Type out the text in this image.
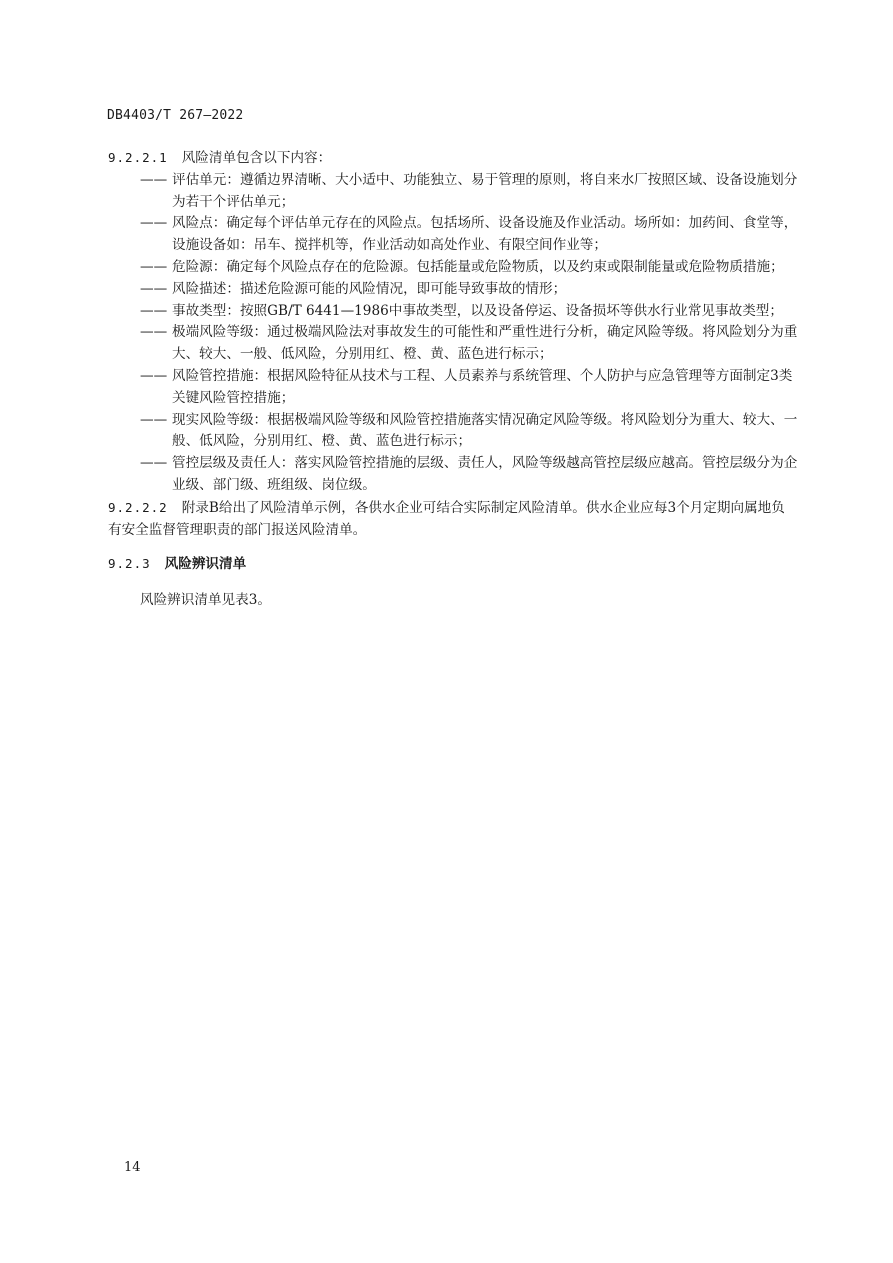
DB4403/T 267—2022

9.2.2.1 风险清单包含以下内容：

—— 评估单元：遵循边界清晰、大小适中、功能独立、易于管理的原则，将自来水厂按照区域、设备设施划分为若干个评估单元；
—— 风险点：确定每个评估单元存在的风险点。包括场所、设备设施及作业活动。场所如：加药间、食堂等，设施设备如：吊车、搅拌机等，作业活动如高处作业、有限空间作业等；
—— 危险源：确定每个风险点存在的危险源。包括能量或危险物质，以及约束或限制能量或危险物质措施；
—— 风险描述：描述危险源可能的风险情况，即可能导致事故的情形；
—— 事故类型：按照GB/T 6441—1986中事故类型，以及设备停运、设备损坏等供水行业常见事故类型；
—— 极端风险等级：通过极端风险法对事故发生的可能性和严重性进行分析，确定风险等级。将风险划分为重大、较大、一般、低风险，分别用红、橙、黄、蓝色进行标示；
—— 风险管控措施：根据风险特征从技术与工程、人员素养与系统管理、个人防护与应急管理等方面制定3类关键风险管控措施；
—— 现实风险等级：根据极端风险等级和风险管控措施落实情况确定风险等级。将风险划分为重大、较大、一般、低风险，分别用红、橙、黄、蓝色进行标示；
—— 管控层级及责任人：落实风险管控措施的层级、责任人，风险等级越高管控层级应越高。管控层级分为企业级、部门级、班组级、岗位级。

9.2.2.2 附录B给出了风险清单示例，各供水企业可结合实际制定风险清单。供水企业应每3个月定期向属地负有安全监督管理职责的部门报送风险清单。

9.2.3 风险辨识清单

风险辨识清单见表3。

14
